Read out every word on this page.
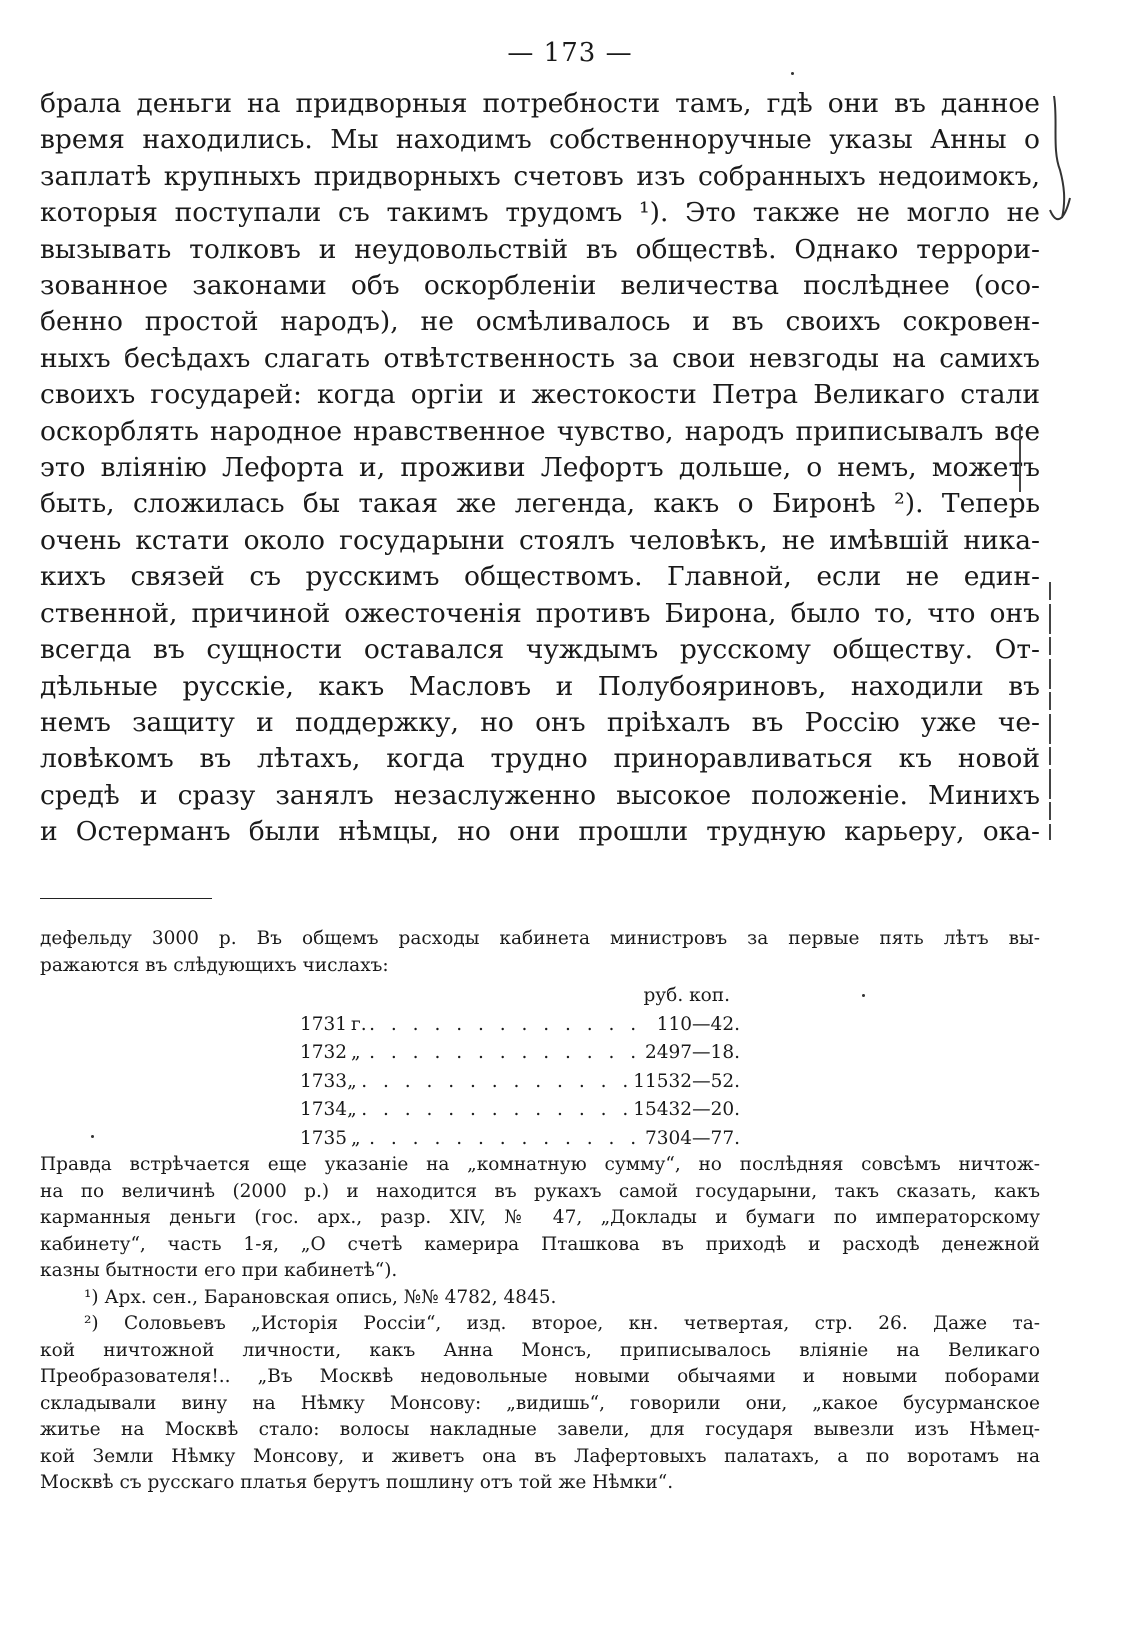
— 173 —
брала деньги на придворныя потребности тамъ, гдѣ они въ данное
время находились. Мы находимъ собственноручные указы Анны о
заплатѣ крупныхъ придворныхъ счетовъ изъ собранныхъ недоимокъ,
которыя поступали съ такимъ трудомъ ¹). Это также не могло не
вызывать толковъ и неудовольствій въ обществѣ. Однако террори-
зованное законами объ оскорбленіи величества послѣднее (осо-
бенно простой народъ), не осмѣливалось и въ своихъ сокровен-
ныхъ бесѣдахъ слагать отвѣтственность за свои невзгоды на самихъ
своихъ государей: когда оргіи и жестокости Петра Великаго стали
оскорблять народное нравственное чувство, народъ приписывалъ все
это вліянію Лефорта и, проживи Лефортъ дольше, о немъ, можетъ
быть, сложилась бы такая же легенда, какъ о Биронѣ ²). Теперь
очень кстати около государыни стоялъ человѣкъ, не имѣвшій ника-
кихъ связей съ русскимъ обществомъ. Главной, если не един-
ственной, причиной ожесточенія противъ Бирона, было то, что онъ
всегда въ сущности оставался чуждымъ русскому обществу. От-
дѣльные русскіе, какъ Масловъ и Полубояриновъ, находили въ
немъ защиту и поддержку, но онъ пріѣхалъ въ Россію уже че-
ловѣкомъ въ лѣтахъ, когда трудно приноравливаться къ новой
средѣ и сразу занялъ незаслуженно высокое положеніе. Минихъ
и Остерманъ были нѣмцы, но они прошли трудную карьеру, ока-
дефельду 3000 р. Въ общемъ расходы кабинета министровъ за первые пять лѣтъ вы-
ражаются въ слѣдующихъ числахъ:
руб. коп.
1731 г. . . . . . . . . . . . . . 110—42.
1732 „ . . . . . . . . . . . . . 2497—18.
1733 „ . . . . . . . . . . . . . 11532—52.
1734 „ . . . . . . . . . . . . . 15432—20.
1735 „ . . . . . . . . . . . . . 7304—77.
Правда встрѣчается еще указаніе на „комнатную сумму“, но послѣдняя совсѣмъ ничтож-
на по величинѣ (2000 р.) и находится въ рукахъ самой государыни, такъ сказать, какъ
карманныя деньги (гос. арх., разр. XIV, № 47, „Доклады и бумаги по императорскому
кабинету“, часть 1-я, „О счетѣ камерира Пташкова въ приходѣ и расходѣ денежной
казны бытности его при кабинетѣ“).
¹) Арх. сен., Барановская опись, №№ 4782, 4845.
²) Соловьевъ „Исторія Россіи“, изд. второе, кн. четвертая, стр. 26. Даже та-
кой ничтожной личности, какъ Анна Монсъ, приписывалось вліяніе на Великаго
Преобразователя!.. „Въ Москвѣ недовольные новыми обычаями и новыми поборами
складывали вину на Нѣмку Монсову: „видишь“, говорили они, „какое бусурманское
житье на Москвѣ стало: волосы накладные завели, для государя вывезли изъ Нѣмец-
кой Земли Нѣмку Монсову, и живетъ она въ Лафертовыхъ палатахъ, а по воротамъ на
Москвѣ съ русскаго платья берутъ пошлину отъ той же Нѣмки“.
